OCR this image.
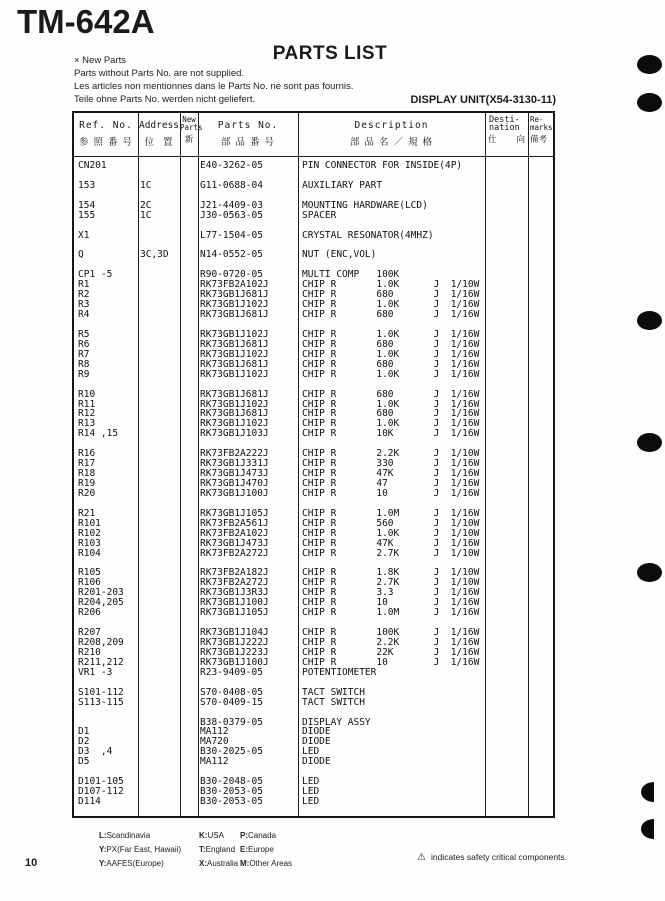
TM-642A
PARTS LIST
× New Parts
Parts without Parts No. are not supplied.
Les articles non mentionnes dans le Parts No. ne sont pas fournis.
Teile ohne Parts No. werden nicht geliefert.	DISPLAY UNIT(X54-3130-11)
Ref. No.
参 照 番 号
Address
位  置
New
Parts
新
Parts No.
部 品 番 号
Description
部 品 名 ／ 規 格
Desti-
nation
仕 向
Re-
marks
備考
CN201	E40-3262-05	PIN CONNECTOR FOR INSIDE(4P)
153	1C	G11-0688-04	AUXILIARY PART
154	2C	J21-4409-03	MOUNTING HARDWARE(LCD)
155	1C	J30-0563-05	SPACER
X1	L77-1504-05	CRYSTAL RESONATOR(4MHZ)
Q	3C,3D	N14-0552-05	NUT (ENC,VOL)
CP1 -5	R90-0720-05	MULTI COMP   100K
R1	RK73FB2A102J	CHIP R       1.0K      J  1/10W
R2	RK73GB1J681J	CHIP R       680       J  1/16W
R3	RK73GB1J102J	CHIP R       1.0K      J  1/16W
R4	RK73GB1J681J	CHIP R       680       J  1/16W
R5	RK73GB1J102J	CHIP R       1.0K      J  1/16W
R6	RK73GB1J681J	CHIP R       680       J  1/16W
R7	RK73GB1J102J	CHIP R       1.0K      J  1/16W
R8	RK73GB1J681J	CHIP R       680       J  1/16W
R9	RK73GB1J102J	CHIP R       1.0K      J  1/16W
R10	RK73GB1J681J	CHIP R       680       J  1/16W
R11	RK73GB1J102J	CHIP R       1.0K      J  1/16W
R12	RK73GB1J681J	CHIP R       680       J  1/16W
R13	RK73GB1J102J	CHIP R       1.0K      J  1/16W
R14 ,15	RK73GB1J103J	CHIP R       10K       J  1/16W
R16	RK73FB2A222J	CHIP R       2.2K      J  1/10W
R17	RK73GB1J331J	CHIP R       330       J  1/16W
R18	RK73GB1J473J	CHIP R       47K       J  1/16W
R19	RK73GB1J470J	CHIP R       47        J  1/16W
R20	RK73GB1J100J	CHIP R       10        J  1/16W
R21	RK73GB1J105J	CHIP R       1.0M      J  1/16W
R101	RK73FB2A561J	CHIP R       560       J  1/10W
R102	RK73FB2A102J	CHIP R       1.0K      J  1/10W
R103	RK73GB1J473J	CHIP R       47K       J  1/16W
R104	RK73FB2A272J	CHIP R       2.7K      J  1/10W
R105	RK73FB2A182J	CHIP R       1.8K      J  1/10W
R106	RK73FB2A272J	CHIP R       2.7K      J  1/10W
R201-203	RK73GB1J3R3J	CHIP R       3.3       J  1/16W
R204,205	RK73GB1J100J	CHIP R       10        J  1/16W
R206	RK73GB1J105J	CHIP R       1.0M      J  1/16W
R207	RK73GB1J104J	CHIP R       100K      J  1/16W
R208,209	RK73GB1J222J	CHIP R       2.2K      J  1/16W
R210	RK73GB1J223J	CHIP R       22K       J  1/16W
R211,212	RK73GB1J100J	CHIP R       10        J  1/16W
VR1 -3	R23-9409-05	POTENTIOMETER
S101-112	S70-0408-05	TACT SWITCH
S113-115	S70-0409-15	TACT SWITCH
B38-0379-05	DISPLAY ASSY
D1	MA112	DIODE
D2	MA720	DIODE
D3  ,4	B30-2025-05	LED
D5	MA112	DIODE
D101-105	B30-2048-05	LED
D107-112	B30-2053-05	LED
D114	B30-2053-05	LED
L:Scandinavia
Y:PX(Far East, Hawaii)
Y:AAFES(Europe)
K:USA
T:England
X:Australia
P:Canada
E:Europe
M:Other Areas
10	⚠ indicates safety critical components.
